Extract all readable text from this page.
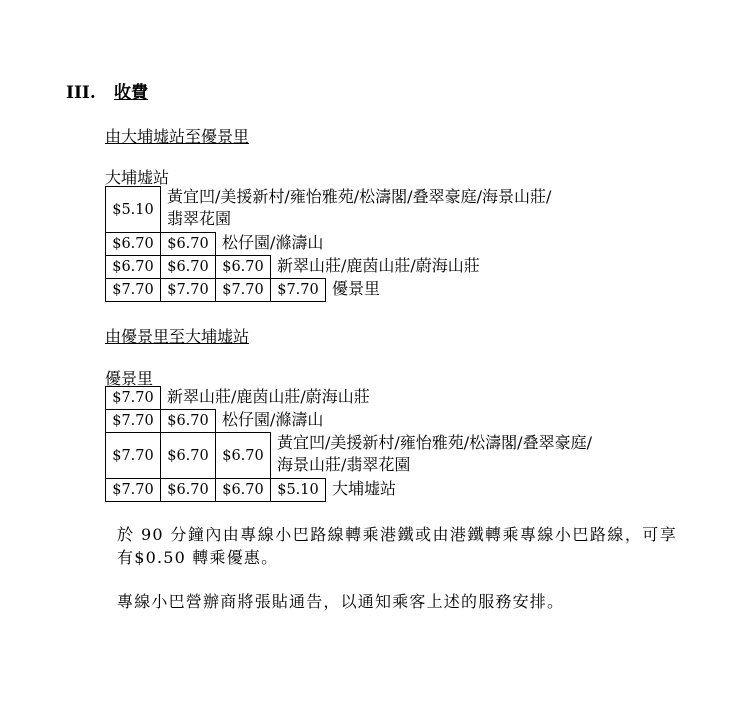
III.	收費
由大埔墟站至優景里
大埔墟站
$5.10
黃宜凹/美援新村/雍怡雅苑/松濤閣/叠翠豪庭/海景山莊/
翡翠花園
$6.70 $6.70 松仔園/滌濤山
$6.70 $6.70 $6.70 新翠山莊/鹿茵山莊/蔚海山莊
$7.70 $7.70 $7.70 $7.70 優景里
由優景里至大埔墟站
優景里
$7.70 新翠山莊/鹿茵山莊/蔚海山莊
$7.70 $6.70 松仔園/滌濤山
$7.70 $6.70 $6.70
黃宜凹/美援新村/雍怡雅苑/松濤閣/叠翠豪庭/
海景山莊/翡翠花園
$7.70 $6.70 $6.70 $5.10 大埔墟站
於 90 分鐘內由專線小巴路線轉乘港鐵或由港鐵轉乘專線小巴路線，可享有$0.50 轉乘優惠。
專線小巴營辦商將張貼通告，以通知乘客上述的服務安排。
